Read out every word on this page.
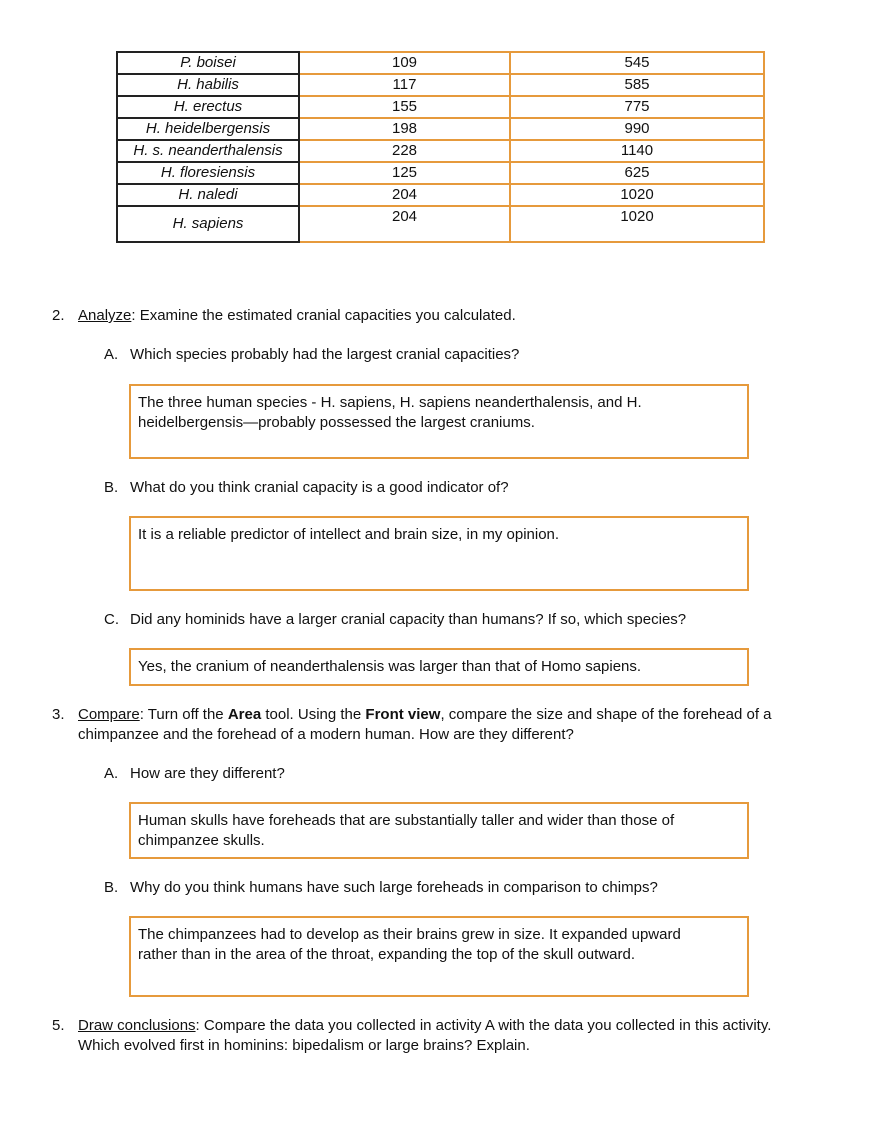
P. boisei	109	545
H. habilis	117	585
H. erectus	155	775
H. heidelbergensis	198	990
H. s. neanderthalensis	228	1140
H. floresiensis	125	625
H. naledi	204	1020
H. sapiens	204	1020
2. Analyze: Examine the estimated cranial capacities you calculated.
A. Which species probably had the largest cranial capacities?
The three human species - H. sapiens, H. sapiens neanderthalensis, and H.
heidelbergensis—probably possessed the largest craniums.
B. What do you think cranial capacity is a good indicator of?
It is a reliable predictor of intellect and brain size, in my opinion.
C. Did any hominids have a larger cranial capacity than humans? If so, which species?
Yes, the cranium of neanderthalensis was larger than that of Homo sapiens.
3. Compare: Turn off the Area tool. Using the Front view, compare the size and shape of the forehead of a
chimpanzee and the forehead of a modern human. How are they different?
A. How are they different?
Human skulls have foreheads that are substantially taller and wider than those of
chimpanzee skulls.
B. Why do you think humans have such large foreheads in comparison to chimps?
The chimpanzees had to develop as their brains grew in size. It expanded upward
rather than in the area of the throat, expanding the top of the skull outward.
5. Draw conclusions: Compare the data you collected in activity A with the data you collected in this activity.
Which evolved first in hominins: bipedalism or large brains? Explain.
